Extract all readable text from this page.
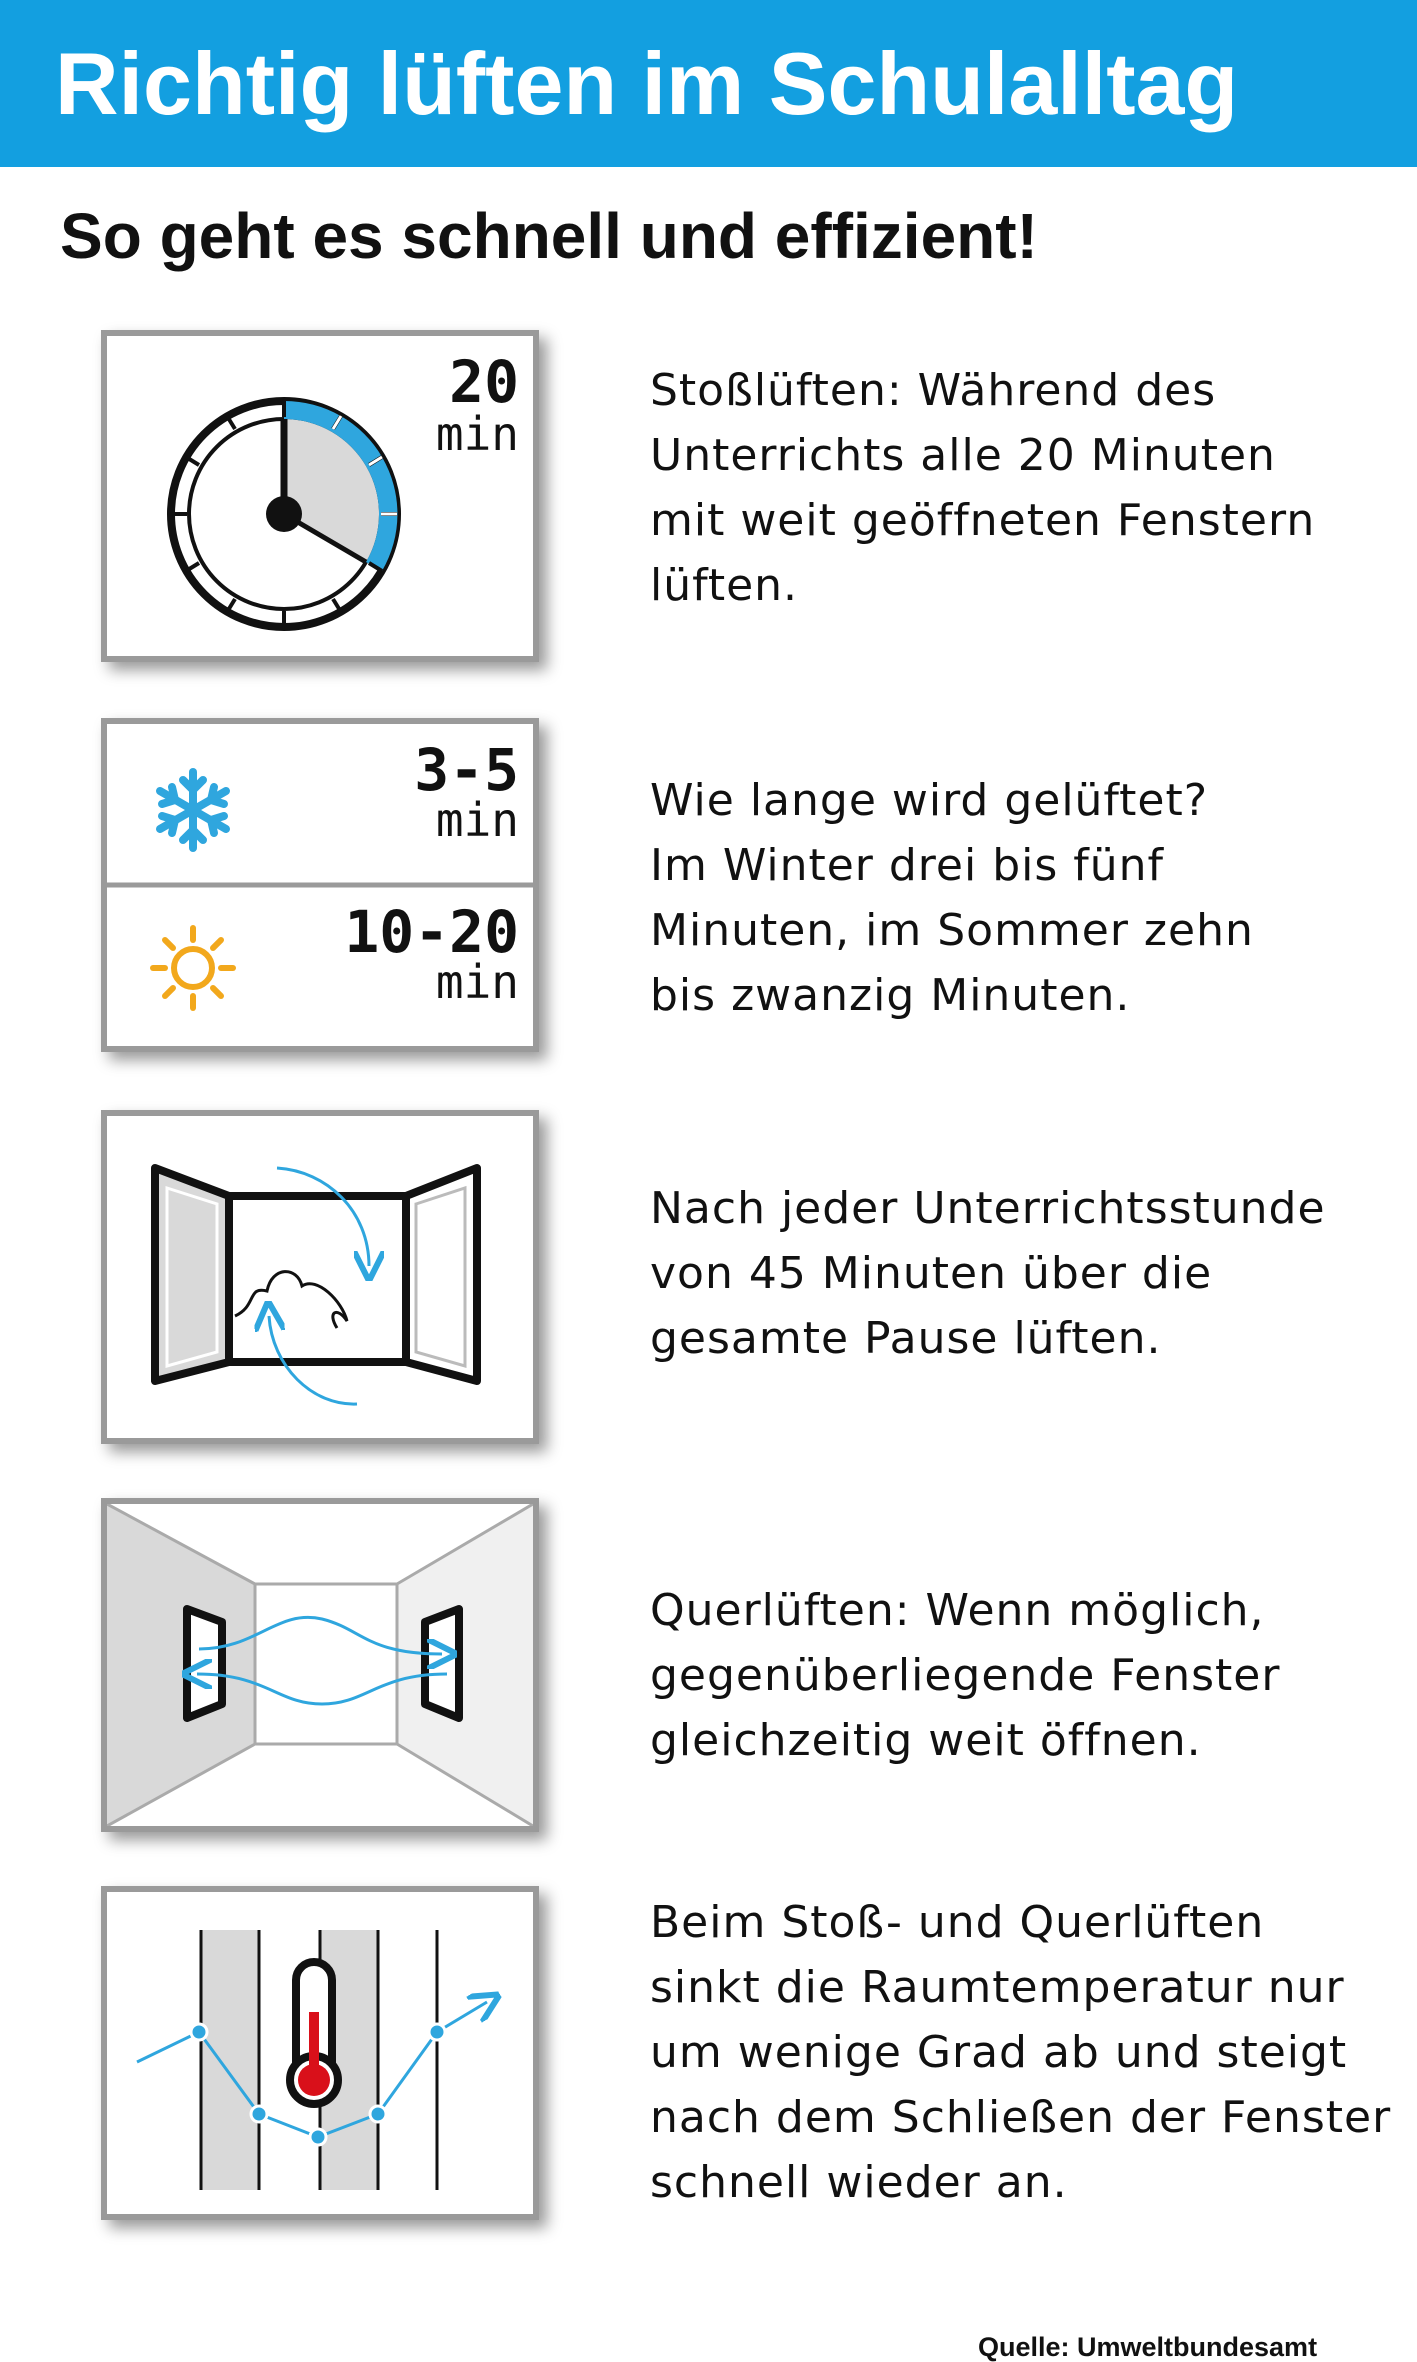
Richtig lüften im Schulalltag
So geht es schnell und effizient!
20
min
Stoßlüften: Während des
Unterrichts alle 20 Minuten
mit weit geöffneten Fenstern
lüften.
3-5
min
10-20
min
Wie lange wird gelüftet?
Im Winter drei bis fünf
Minuten, im Sommer zehn
bis zwanzig Minuten.
Nach jeder Unterrichtsstunde
von 45 Minuten über die
gesamte Pause lüften.
Querlüften: Wenn möglich,
gegenüberliegende Fenster
gleichzeitig weit öffnen.
Beim Stoß- und Querlüften
sinkt die Raumtemperatur nur
um wenige Grad ab und steigt
nach dem Schließen der Fenster
schnell wieder an.
Quelle: Umweltbundesamt
